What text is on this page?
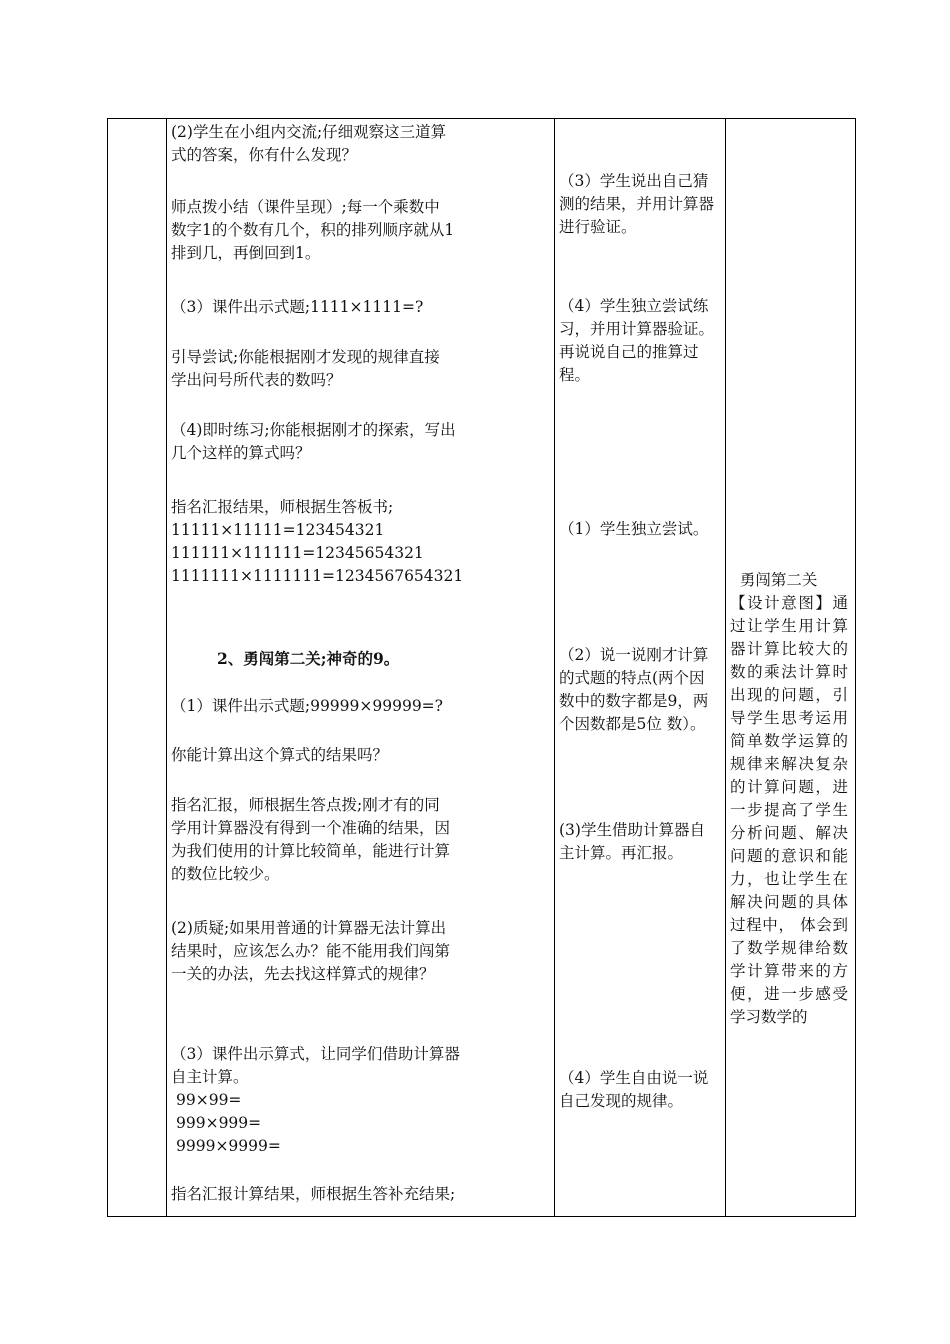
(2)学生在小组内交流;仔细观察这三道算
式的答案，你有什么发现？
师点拨小结（课件呈现）;每一个乘数中
数字1的个数有几个，积的排列顺序就从1
排到几，再倒回到1。
（3）课件出示式题;1111×1111=?
引导尝试;你能根据刚才发现的规律直接
学出问号所代表的数吗？
（4)即时练习;你能根据刚才的探索，写出
几个这样的算式吗？
指名汇报结果，师根据生答板书;
11111×11111=123454321
111111×111111=12345654321
1111111×1111111=1234567654321
2、勇闯第二关;神奇的9。
（1）课件出示式题;99999×99999=?
你能计算出这个算式的结果吗？
指名汇报，师根据生答点拨;刚才有的同
学用计算器没有得到一个准确的结果，因
为我们使用的计算比较简单，能进行计算
的数位比较少。
(2)质疑;如果用普通的计算器无法计算出
结果时，应该怎么办？能不能用我们闯第
一关的办法，先去找这样算式的规律？
（3）课件出示算式，让同学们借助计算器
自主计算。
99×99=
999×999=
9999×9999=
指名汇报计算结果，师根据生答补充结果;
（3）学生说出自己猜测的结果，并用计算器进行验证。
（4）学生独立尝试练习，并用计算器验证。再说说自己的推算过程。
（1）学生独立尝试。
（2）说一说刚才计算的式题的特点(两个因数中的数字都是9，两个因数都是5位 数）。
(3)学生借助计算器自主计算。再汇报。
（4）学生自由说一说自己发现的规律。
勇闯第二关
【设计意图】通过让学生用计算器计算比较大的数的乘法计算时出现的问题，引导学生思考运用简单数学运算的规律来解决复杂的计算问题，进一步提高了学生分析问题、解决问题的意识和能力，也让学生在解决问题的具体过程中， 体会到了数学规律给数学计算带来的方便，进一步感受学习数学的
